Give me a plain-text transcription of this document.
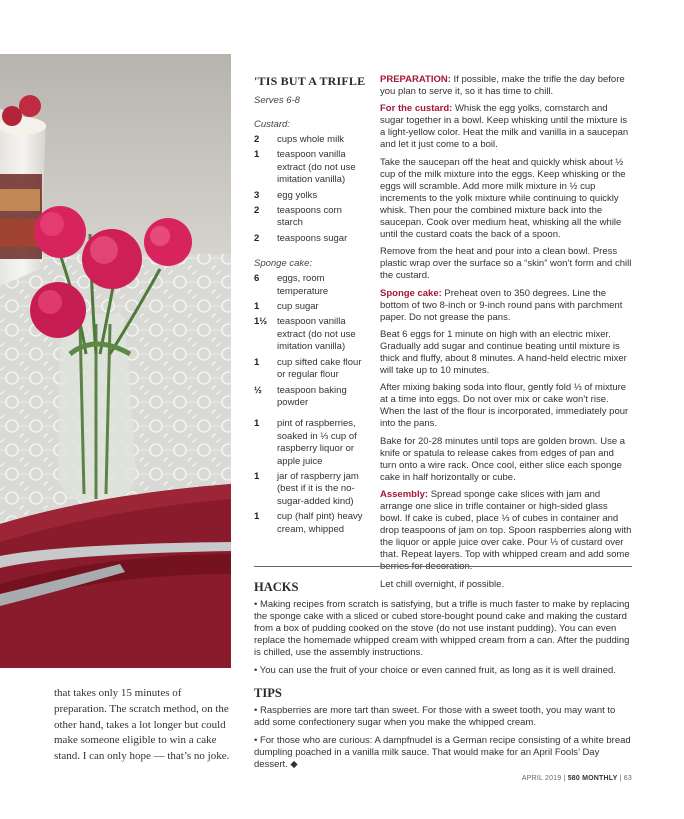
'TIS BUT A TRIFLE
Serves 6-8
Custard:
2	cups whole milk
1	teaspoon vanilla extract (do not use imitation vanilla)
3	egg yolks
2	teaspoons corn starch
2	teaspoons sugar
Sponge cake:
6	eggs, room temperature
1	cup sugar
1½	teaspoon vanilla extract (do not use imitation vanilla)
1	cup sifted cake flour or regular flour
½	teaspoon baking powder
1	pint of raspberries, soaked in ⅓ cup of raspberry liquor or apple juice
1	jar of raspberry jam (best if it is the no-sugar-added kind)
1	cup (half pint) heavy cream, whipped

PREPARATION: If possible, make the trifle the day before you plan to serve it, so it has time to chill.

For the custard: Whisk the egg yolks, cornstarch and sugar together in a bowl. Keep whisking until the mixture is a light-yellow color. Heat the milk and vanilla in a saucepan and let it just come to a boil.

Take the saucepan off the heat and quickly whisk about ½ cup of the milk mixture into the eggs. Keep whisking or the eggs will scramble. Add more milk mixture in ½ cup increments to the yolk mixture while continuing to quickly whisk. Then pour the combined mixture back into the saucepan. Cook over medium heat, whisking all the while until the custard coats the back of a spoon.

Remove from the heat and pour into a clean bowl. Press plastic wrap over the surface so a “skin” won’t form and chill the custard.

Sponge cake: Preheat oven to 350 degrees. Line the bottom of two 8-inch or 9-inch round pans with parchment paper. Do not grease the pans.

Beat 6 eggs for 1 minute on high with an electric mixer. Gradually add sugar and continue beating until mixture is thick and fluffy, about 8 minutes. A hand-held electric mixer will take up to 10 minutes.

After mixing baking soda into flour, gently fold ⅓ of mixture at a time into eggs. Do not over mix or cake won’t rise. When the last of the flour is incorporated, immediately pour into the pans.

Bake for 20-28 minutes until tops are golden brown. Use a knife or spatula to release cakes from edges of pan and turn onto a wire rack. Once cool, either slice each sponge cake in half horizontally or cube.

Assembly: Spread sponge cake slices with jam and arrange one slice in trifle container or high-sided glass bowl. If cake is cubed, place ⅓ of cubes in container and drop teaspoons of jam on top. Spoon raspberries along with the liquor or apple juice over cake. Pour ⅓ of custard over that. Repeat layers. Top with whipped cream and add some

Let chill overnight, if possible.

HACKS

• Making recipes from scratch is satisfying, but a trifle is much faster to make by replacing the sponge cake with a sliced or cubed store-bought pound cake and making the custard from a box of pudding cooked on the stove (do not use instant pudding). You can even replace the homemade whipped cream with whipped cream from a can. After the pudding is chilled, use the assembly instructions.

• You can use the fruit of your choice or even canned fruit, as long as it is well drained.

TIPS

• Raspberries are more tart than sweet. For those with a sweet tooth, you may want to add some confectionery sugar when you make the whipped cream.

• For those who are curious: A dampfnudel is a German recipe consisting of a white bread dumpling poached in a vanilla milk sauce. That would make for an April Fools’ Day dessert. ◆

that takes only 15 minutes of preparation. The scratch method, on the other hand, takes a lot longer but could make someone eligible to win a cake stand. I can only hope — that’s no joke.

APRIL 2019 | 580 MONTHLY | 63
